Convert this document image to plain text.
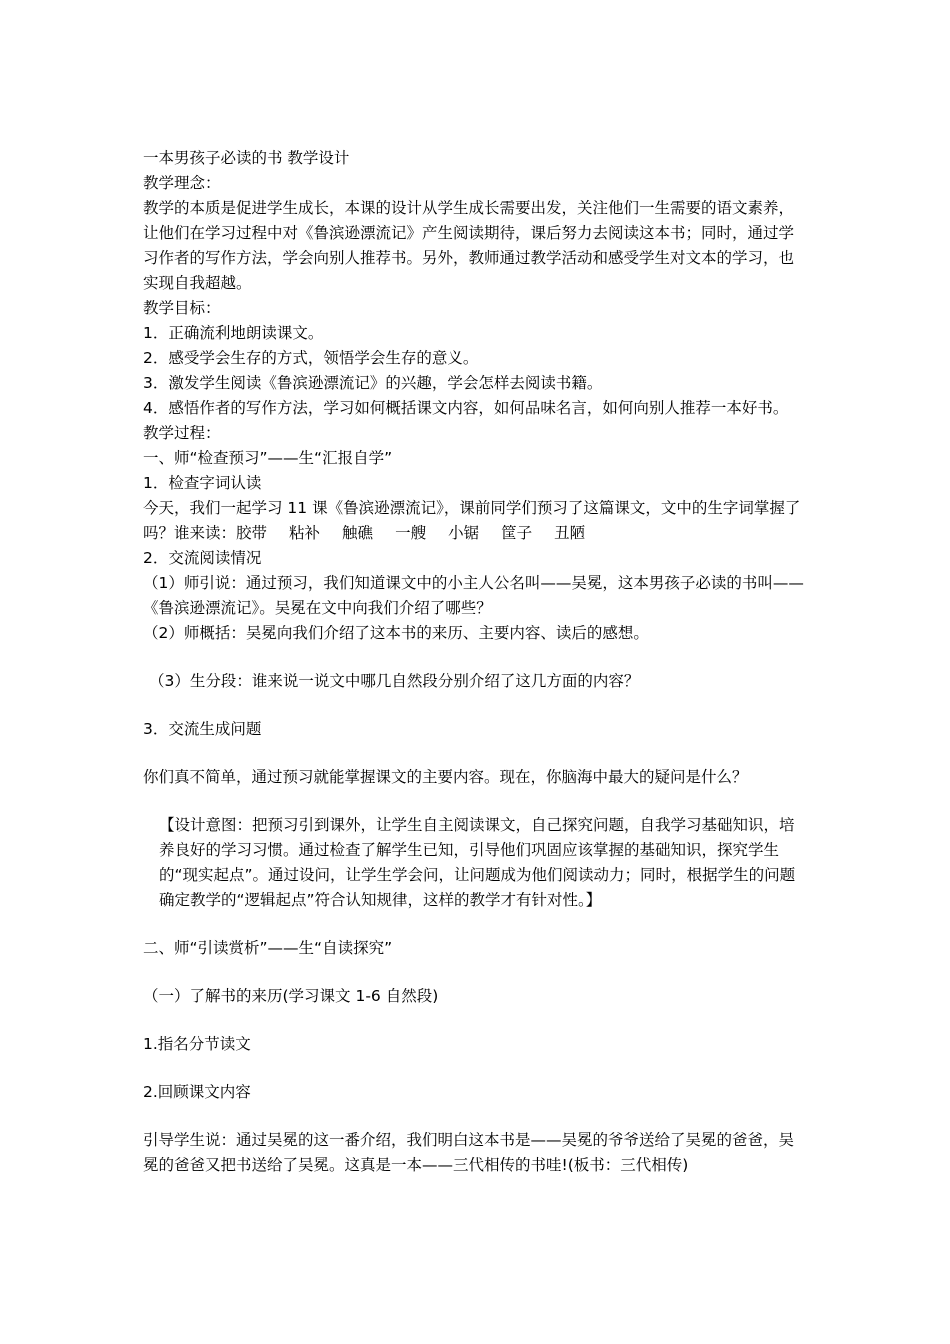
一本男孩子必读的书 教学设计

教学理念：

教学的本质是促进学生成长，本课的设计从学生成长需要出发，关注他们一生需要的语文素养，让他们在学习过程中对《鲁滨逊漂流记》产生阅读期待，课后努力去阅读这本书；同时，通过学习作者的写作方法，学会向别人推荐书。另外，教师通过教学活动和感受学生对文本的学习，也实现自我超越。

教学目标：

1．正确流利地朗读课文。

2．感受学会生存的方式，领悟学会生存的意义。

3．激发学生阅读《鲁滨逊漂流记》的兴趣，学会怎样去阅读书籍。

4．感悟作者的写作方法，学习如何概括课文内容，如何品味名言，如何向别人推荐一本好书。

教学过程：

一、师“检查预习”——生“汇报自学”

1．检查字词认读

今天，我们一起学习 11 课《鲁滨逊漂流记》，课前同学们预习了这篇课文，文中的生字词掌握了吗？谁来读：胶带 粘补 触礁 一艘 小锯 筐子 丑陋

2．交流阅读情况

（1）师引说：通过预习，我们知道课文中的小主人公名叫——吴冕，这本男孩子必读的书叫——《鲁滨逊漂流记》。吴冕在文中向我们介绍了哪些？

（2）师概括：吴冕向我们介绍了这本书的来历、主要内容、读后的感想。

（3）生分段：谁来说一说文中哪几自然段分别介绍了这几方面的内容？

3．交流生成问题

你们真不简单，通过预习就能掌握课文的主要内容。现在，你脑海中最大的疑问是什么？

【设计意图：把预习引到课外，让学生自主阅读课文，自己探究问题，自我学习基础知识，培养良好的学习习惯。通过检查了解学生已知，引导他们巩固应该掌握的基础知识，探究学生的“现实起点”。通过设问，让学生学会问，让问题成为他们阅读动力；同时，根据学生的问题确定教学的“逻辑起点”符合认知规律，这样的教学才有针对性。】

二、师“引读赏析”——生“自读探究”

（一）了解书的来历(学习课文 1-6 自然段)

1.指名分节读文

2.回顾课文内容

引导学生说：通过吴冕的这一番介绍，我们明白这本书是——吴冕的爷爷送给了吴冕的爸爸，吴冕的爸爸又把书送给了吴冕。这真是一本——三代相传的书哇!(板书：三代相传)
